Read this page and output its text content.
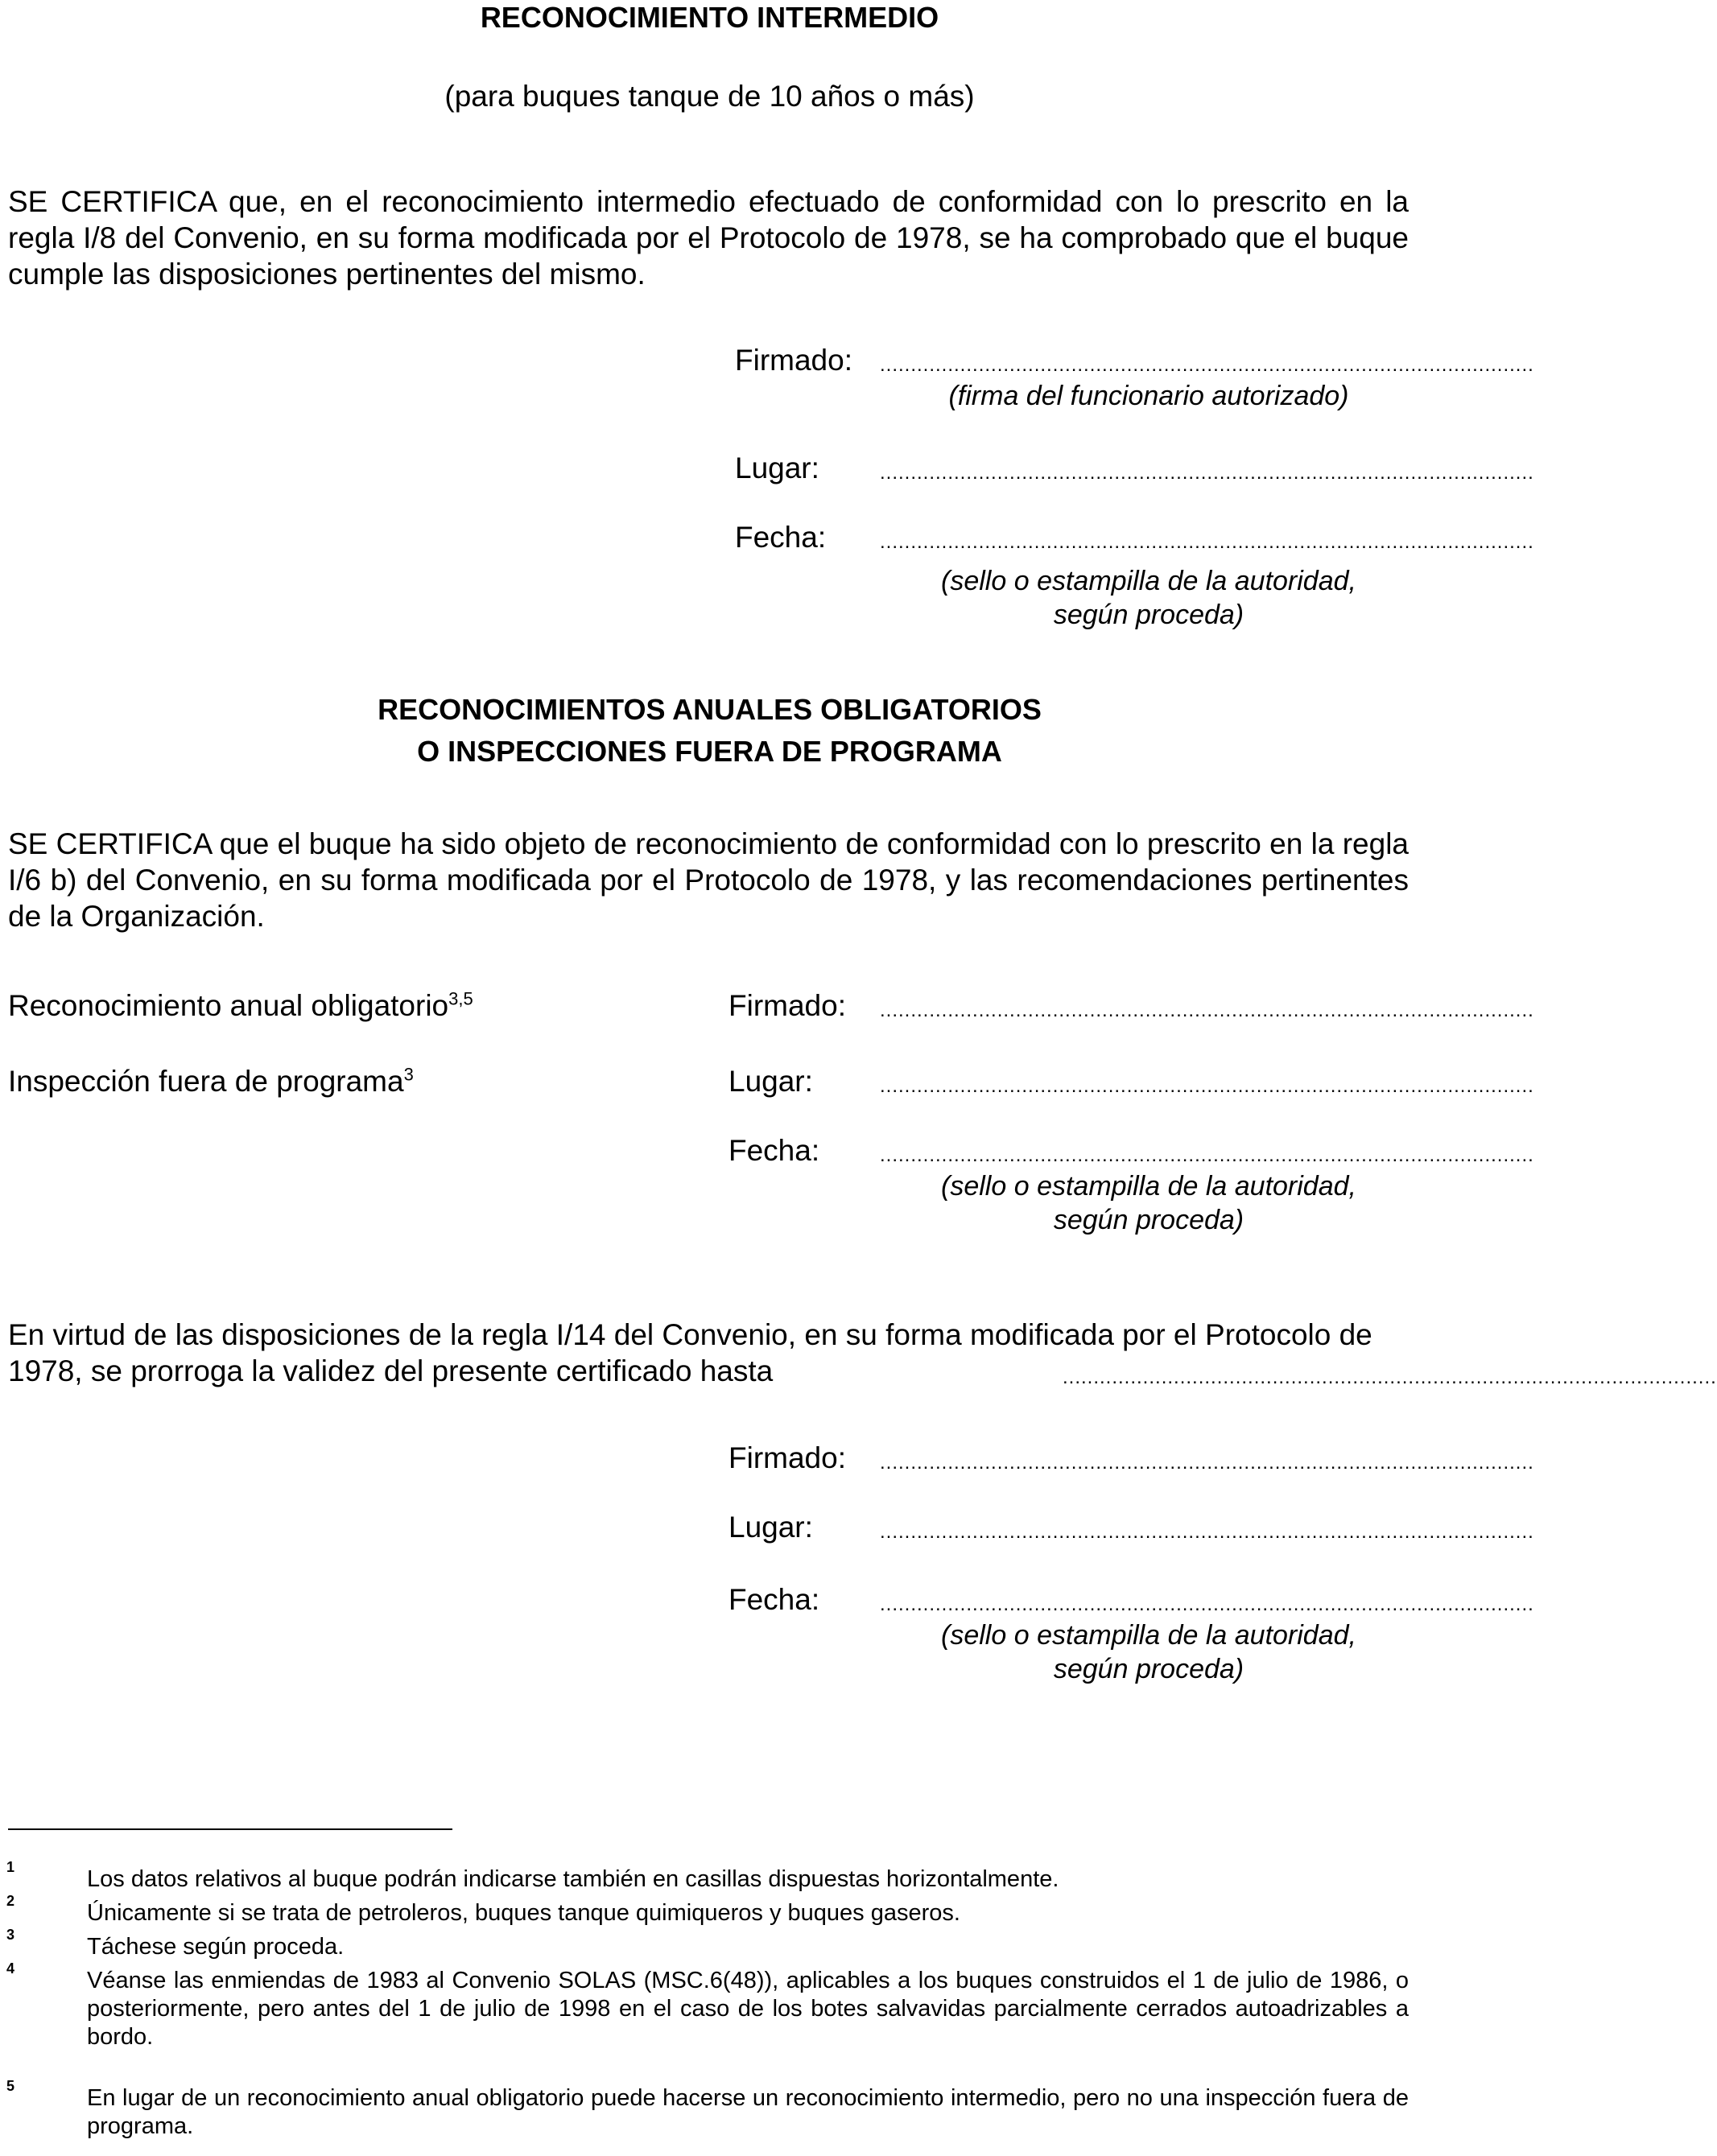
RECONOCIMIENTO INTERMEDIO
(para buques tanque de 10 años o más)

SE CERTIFICA que, en el reconocimiento intermedio efectuado de conformidad con lo prescrito en la regla I/8 del Convenio, en su forma modificada por el Protocolo de 1978, se ha comprobado que el buque cumple las disposiciones pertinentes del mismo.

Firmado: ..........................................................................................................
(firma del funcionario autorizado)
Lugar:	..........................................................................................................
Fecha:	..........................................................................................................
(sello o estampilla de la autoridad,
según proceda)
RECONOCIMIENTOS ANUALES OBLIGATORIOS
O INSPECCIONES FUERA DE PROGRAMA

SE CERTIFICA que el buque ha sido objeto de reconocimiento de conformidad con lo prescrito en la regla I/6 b) del Convenio, en su forma modificada por el Protocolo de 1978, y las recomendaciones pertinentes de la Organización.

Reconocimiento anual obligatorio$^{3,5}$
Inspección fuera de programa$^3$
Firmado: ..........................................................................................................
Lugar:	..........................................................................................................
Fecha:	..........................................................................................................
(sello o estampilla de la autoridad,
según proceda)

En virtud de las disposiciones de la regla I/14 del Convenio, en su forma modificada por el Protocolo de 1978, se prorroga la validez del presente certificado hasta	..........................................................................................................
Firmado: ..........................................................................................................
Lugar:	..........................................................................................................
Fecha:	..........................................................................................................
(sello o estampilla de la autoridad,
según proceda)
1	Los datos relativos al buque podrán indicarse también en casillas dispuestas horizontalmente.
2	Únicamente si se trata de petroleros, buques tanque quimiqueros y buques gaseros.
3	Táchese según proceda.
4	Véanse las enmiendas de 1983 al Convenio SOLAS (MSC.6(48)), aplicables a los buques construidos el 1 de julio de 1986, o posteriormente, pero antes del 1 de julio de 1998 en el caso de los botes salvavidas parcialmente cerrados autoadrizables a bordo.
5	En lugar de un reconocimiento anual obligatorio puede hacerse un reconocimiento intermedio, pero no una inspección fuera de programa.
